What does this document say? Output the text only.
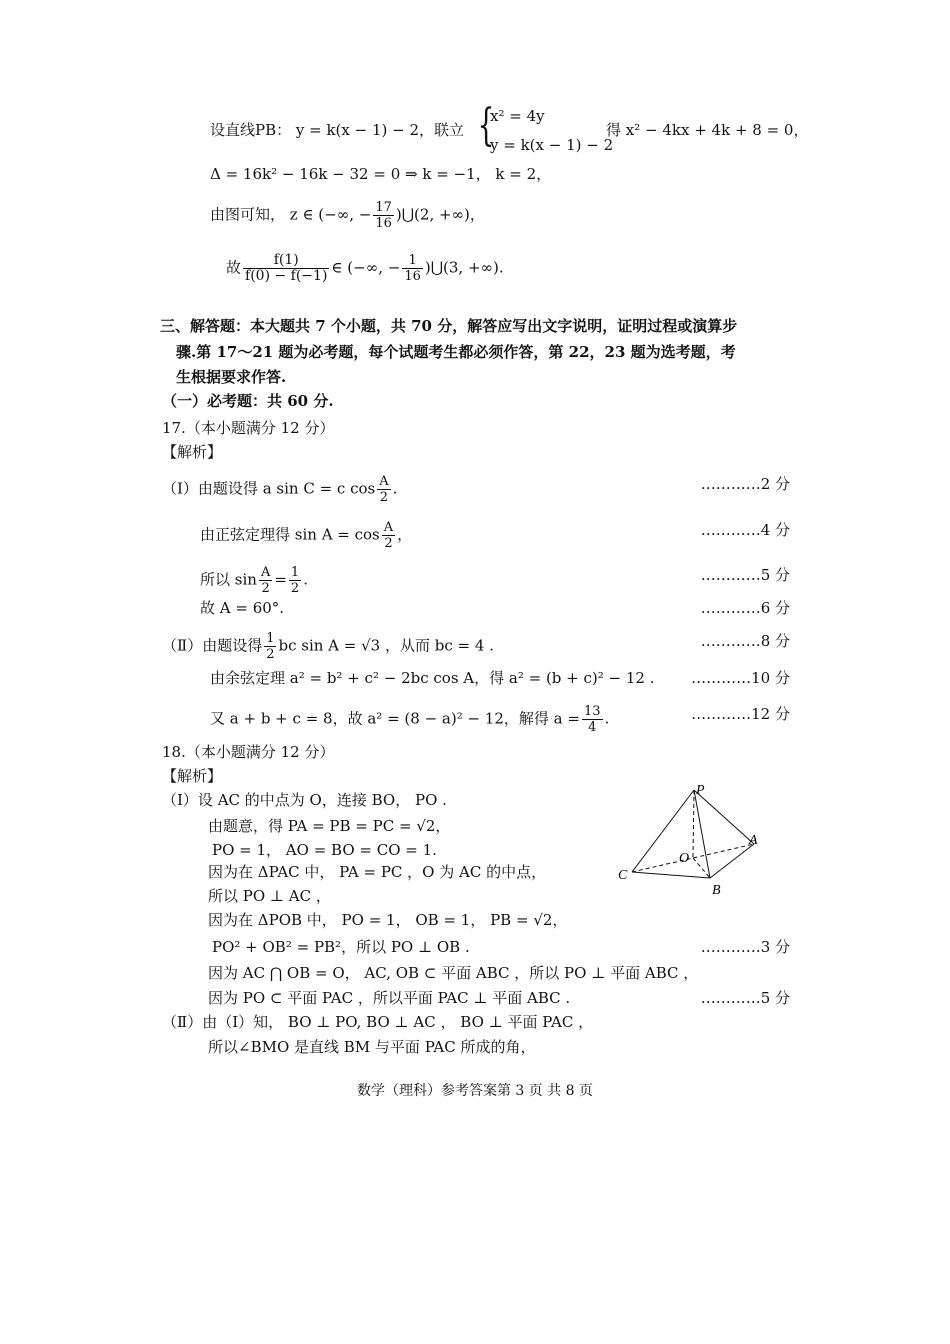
设直线PB： y = k(x − 1) − 2，联立 {
x² = 4y
y = k(x − 1) − 2
得 x² − 4kx + 4k + 8 = 0，
Δ = 16k² − 16k − 32 = 0 ⇒ k = −1， k = 2，
由图可知， z ∈ (−∞, − $\frac{17}{16}$ )⋃(2, +∞)，
故 $\frac{f(1)}{f(0) - f(-1)}$ ∈ (−∞, − $\frac{1}{16}$ )⋃(3, +∞).
三、解答题：本大题共 7 个小题，共 70 分，解答应写出文字说明，证明过程或演算步
骤.第 17～21 题为必考题，每个试题考生都必须作答，第 22，23 题为选考题，考
生根据要求作答.
（一）必考题：共 60 分.
17.（本小题满分 12 分）
【解析】
（I）由题设得 a sin C = c $\cos \frac{A}{2}$ .	…………2 分
由正弦定理得 $\sin A = \cos \frac{A}{2}$ ，	…………4 分
所以 $\sin \frac{A}{2} = \frac{1}{2}$ .	…………5 分
故 A = 60°.	…………6 分
（Ⅱ）由题设得 $\frac{1}{2}$ bc sin A = √3 ，从而 bc = 4 .	…………8 分
由余弦定理 a² = b² + c² − 2bc cos A，得 a² = (b + c)² − 12 .	…………10 分
又 a + b + c = 8，故 a² = (8 − a)² − 12，解得 $a = \frac{13}{4}$ .	…………12 分
18.（本小题满分 12 分）
【解析】
（Ⅰ）设 AC 的中点为 O，连接 BO， PO .
由题意，得 PA = PB = PC = √2，
PO = 1， AO = BO = CO = 1.
因为在 ΔPAC 中， PA = PC ，O 为 AC 的中点，
所以 PO ⊥ AC ，
因为在 ΔPOB 中， PO = 1， OB = 1， PB = √2，
PO² + OB² = PB²，所以 PO ⊥ OB .	…………3 分
因为 AC ⋂ OB = O， AC, OB ⊂ 平面 ABC ，所以 PO ⊥ 平面 ABC ，
因为 PO ⊂ 平面 PAC ，所以平面 PAC ⊥ 平面 ABC .	…………5 分
（Ⅱ）由（Ⅰ）知， BO ⊥ PO, BO ⊥ AC ， BO ⊥ 平面 PAC ，
所以∠BMO 是直线 BM 与平面 PAC 所成的角，
P
A
O
C
B
数学（理科）参考答案第 3 页 共 8 页
